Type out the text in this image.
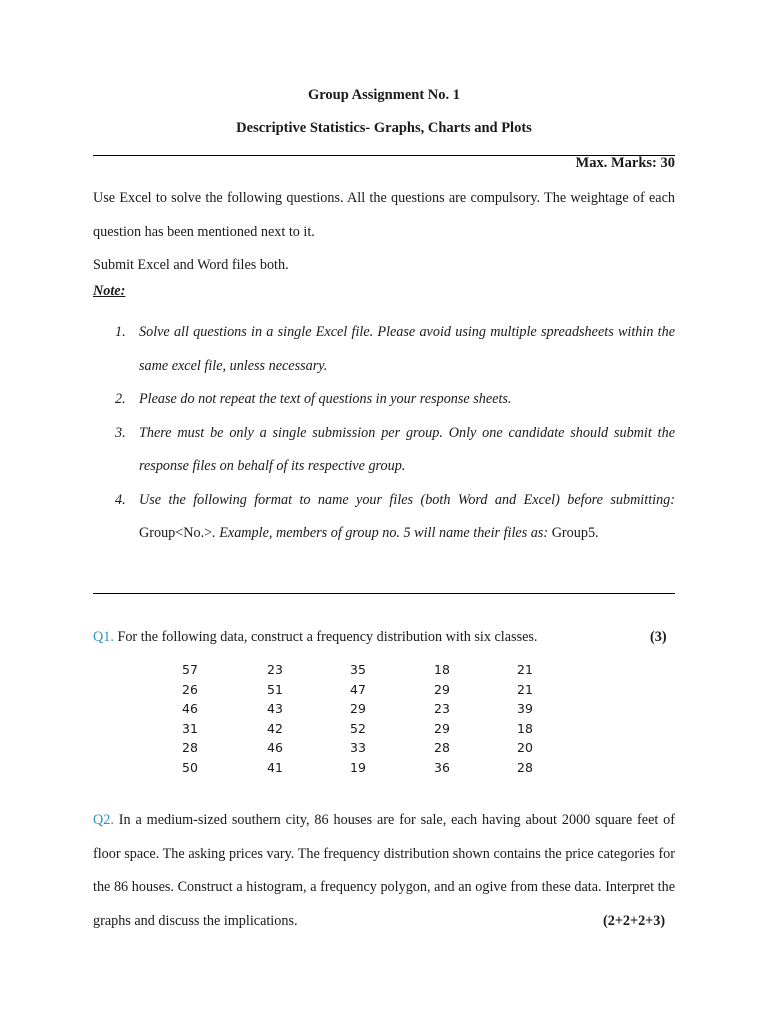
Group Assignment No. 1
Descriptive Statistics- Graphs, Charts and Plots
Max. Marks: 30
Use Excel to solve the following questions. All the questions are compulsory. The weightage of each question has been mentioned next to it.
Submit Excel and Word files both.
Note:
1. Solve all questions in a single Excel file. Please avoid using multiple spreadsheets within the same excel file, unless necessary.
2. Please do not repeat the text of questions in your response sheets.
3. There must be only a single submission per group. Only one candidate should submit the response files on behalf of its respective group.
4. Use the following format to name your files (both Word and Excel) before submitting: Group<No.>. Example, members of group no. 5 will name their files as: Group5.
Q1. For the following data, construct a frequency distribution with six classes.	(3)
57	23	35	18	21
26	51	47	29	21
46	43	29	23	39
31	42	52	29	18
28	46	33	28	20
50	41	19	36	28
Q2. In a medium-sized southern city, 86 houses are for sale, each having about 2000 square feet of floor space. The asking prices vary. The frequency distribution shown contains the price categories for the 86 houses. Construct a histogram, a frequency polygon, and an ogive from these data. Interpret the graphs and discuss the implications.	(2+2+2+3)
